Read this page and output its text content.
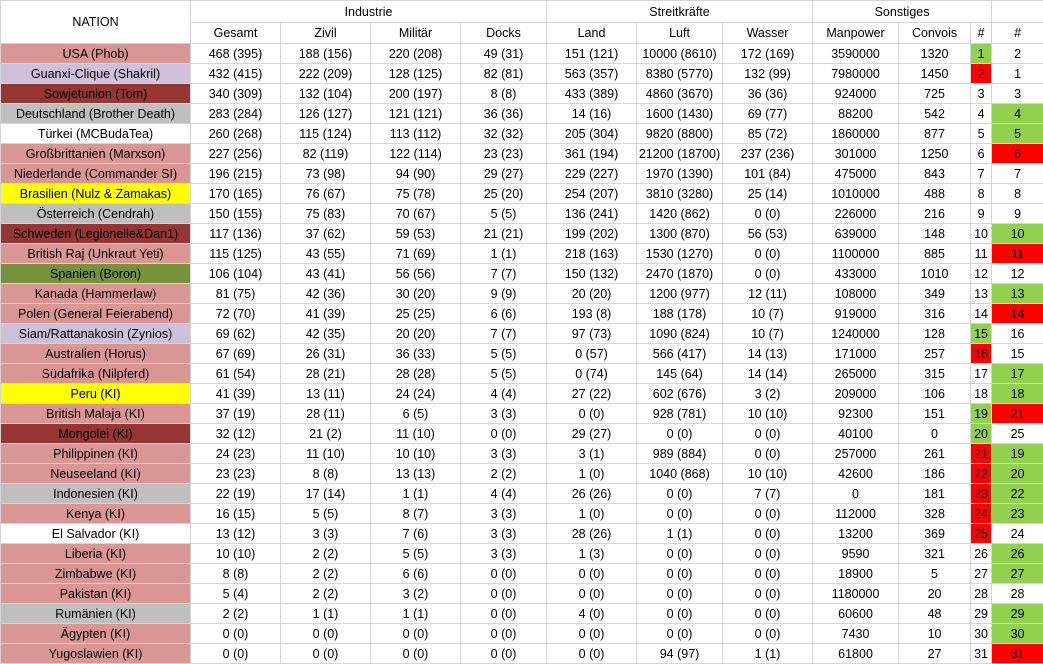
NATION	Industrie				Streitkräfte			Sonstiges			
	Gesamt	Zivil	Militär	Docks	Land	Luft	Wasser	Manpower	Convois	#	#
USA (Phob)	468 (395)	188 (156)	220 (208)	49 (31)	151 (121)	10000 (8610)	172 (169)	3590000	1320	1	2
Guanxi-Clique (Shakril)	432 (415)	222 (209)	128 (125)	82 (81)	563 (357)	8380 (5770)	132 (99)	7980000	1450	2	1
Sowjetunion (Tom)	340 (309)	132 (104)	200 (197)	8 (8)	433 (389)	4860 (3670)	36 (36)	924000	725	3	3
Deutschland (Brother Death)	283 (284)	126 (127)	121 (121)	36 (36)	14 (16)	1600 (1430)	69 (77)	88200	542	4	4
Türkei (MCBudaTea)	260 (268)	115 (124)	113 (112)	32 (32)	205 (304)	9820 (8800)	85 (72)	1860000	877	5	5
Großbrittanien (Marxson)	227 (256)	82 (119)	122 (114)	23 (23)	361 (194)	21200 (18700)	237 (236)	301000	1250	6	6
Niederlande (Commander SI)	196 (215)	73 (98)	94 (90)	29 (27)	229 (227)	1970 (1390)	101 (84)	475000	843	7	7
Brasilien (Nulz & Zamakas)	170 (165)	76 (67)	75 (78)	25 (20)	254 (207)	3810 (3280)	25 (14)	1010000	488	8	8
Österreich (Cendrah)	150 (155)	75 (83)	70 (67)	5 (5)	136 (241)	1420 (862)	0 (0)	226000	216	9	9
Schweden (Legionelle&Dan1)	117 (136)	37 (62)	59 (53)	21 (21)	199 (202)	1300 (870)	56 (53)	639000	148	10	10
British Raj (Unkraut Yeti)	115 (125)	43 (55)	71 (69)	1 (1)	218 (163)	1530 (1270)	0 (0)	1100000	885	11	11
Spanien (Boron)	106 (104)	43 (41)	56 (56)	7 (7)	150 (132)	2470 (1870)	0 (0)	433000	1010	12	12
Kanada (Hammerlaw)	81 (75)	42 (36)	30 (20)	9 (9)	20 (20)	1200 (977)	12 (11)	108000	349	13	13
Polen (General Feierabend)	72 (70)	41 (39)	25 (25)	6 (6)	193 (8)	188 (178)	10 (7)	919000	316	14	14
Siam/Rattanakosin (Zynios)	69 (62)	42 (35)	20 (20)	7 (7)	97 (73)	1090 (824)	10 (7)	1240000	128	15	16
Australien (Horus)	67 (69)	26 (31)	36 (33)	5 (5)	0 (57)	566 (417)	14 (13)	171000	257	16	15
Südafrika (Nilpferd)	61 (54)	28 (21)	28 (28)	5 (5)	0 (74)	145 (64)	14 (14)	265000	315	17	17
Peru (KI)	41 (39)	13 (11)	24 (24)	4 (4)	27 (22)	602 (676)	3 (2)	209000	106	18	18
British Malaja (KI)	37 (19)	28 (11)	6 (5)	3 (3)	0 (0)	928 (781)	10 (10)	92300	151	19	21
Mongolei (KI)	32 (12)	21 (2)	11 (10)	0 (0)	29 (27)	0 (0)	0 (0)	40100	0	20	25
Philippinen (KI)	24 (23)	11 (10)	10 (10)	3 (3)	3 (1)	989 (884)	0 (0)	257000	261	21	19
Neuseeland (KI)	23 (23)	8 (8)	13 (13)	2 (2)	1 (0)	1040 (868)	10 (10)	42600	186	22	20
Indonesien (KI)	22 (19)	17 (14)	1 (1)	4 (4)	26 (26)	0 (0)	7 (7)	0	181	23	22
Kenya (KI)	16 (15)	5 (5)	8 (7)	3 (3)	1 (0)	0 (0)	0 (0)	112000	328	24	23
El Salvador (KI)	13 (12)	3 (3)	7 (6)	3 (3)	28 (26)	1 (1)	0 (0)	13200	369	25	24
Liberia (KI)	10 (10)	2 (2)	5 (5)	3 (3)	1 (3)	0 (0)	0 (0)	9590	321	26	26
Zimbabwe (KI)	8 (8)	2 (2)	6 (6)	0 (0)	0 (0)	0 (0)	0 (0)	18900	5	27	27
Pakistan (KI)	5 (4)	2 (2)	3 (2)	0 (0)	0 (0)	0 (0)	0 (0)	1180000	20	28	28
Rumänien (KI)	2 (2)	1 (1)	1 (1)	0 (0)	4 (0)	0 (0)	0 (0)	60600	48	29	29
Ägypten (KI)	0 (0)	0 (0)	0 (0)	0 (0)	0 (0)	0 (0)	0 (0)	7430	10	30	30
Yugoslawien (KI)	0 (0)	0 (0)	0 (0)	0 (0)	0 (0)	94 (97)	1 (1)	61800	27	31	31
